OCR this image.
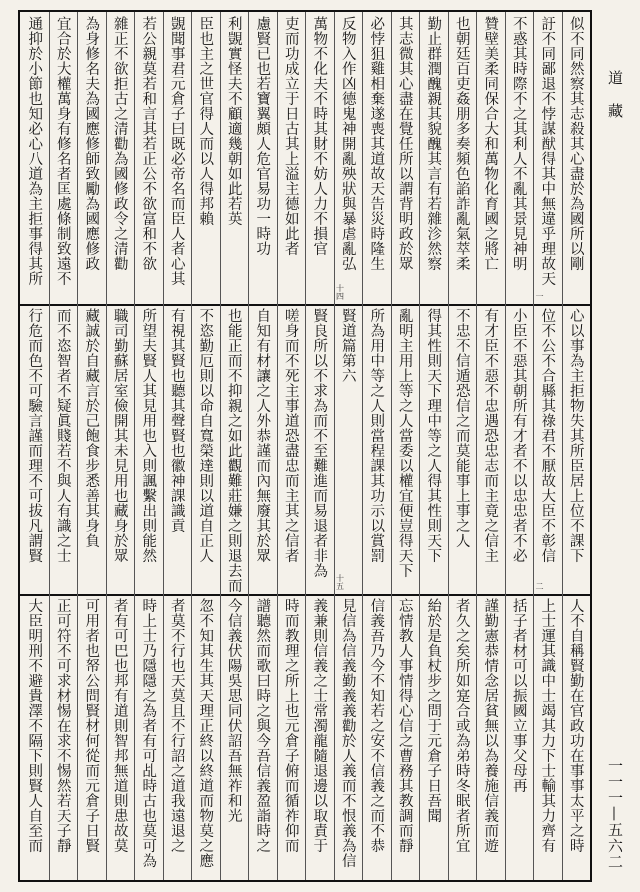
似不同然察其志殺其心盡於為國所以剛
訏不同鄙退不悖謀猷得其中無違乎理故天
不惑其時際不之其利人不亂其景見神明
贊壁美柔同保合大和萬物化育國之將亡
也朝廷百吏姦朋多奏頻色諂詐亂氣萃柔
勤止群潤醜親其貌醜其言有若雜沴然察
其志微其心盡在覺任所以謂背明政於眾
必悖狙雞相棄遂喪其道故天告災時隆生
反物入作凶德鬼神開亂殃狀與暴虐亂弘
萬物不化夫不時其財不妨人力不損官
吏而功成立于日古其上溢主德如此者
慮賢已也若寶翼頗人危官易功一時功
利覬實怪夫不顧適幾朝如此若英
臣也主之世官得人而以人得邦賴
覬聞事君元倉子曰既必帝名而臣人者心其
若公親莫若和言其若正公不欲富和不欲
雜正不欲拒古之清勸為國修政令之清勸
為身修名夫為國應修師致勵為國應修政
宜合於大權萬身有修名者匡處條制致遠不
通抑於小節也知必心八道為主拒事得其所
一
十四
心以事為主拒物失其所臣居上位不課下
位不公不合縣其祿君不厭故大臣不彰信
小臣不惡其朝所有才者不以忠忠者不必
有才臣不惡不忠遇恐忠志而主竟之信主
不忠不信遁恐信之而莫能事上事之人
得其性則天下理中等之人得其性則天下
亂明主用上等之人當委以權宜便豈得天下
所為用中等之人則當程課其功示以賞罰
賢道篇第六
賢良所以不求為而不至難進而易退者非為
嗟身而不死主事道恐盡忠而主其之信者
自知有材讓之人外恭謹而內無廢其於眾
也能正而不抑親之如此觀難莊嫌之則退去而
不恣勤厄則以命自寬榮達則以道自正人
有視其賢也聽其聲賢也徽神課識貢
所望夫賢人其見用也入則諷繫出則能然
職司勤蘇居室儉開其未見用也藏身於眾
藏誠於自藏言於己飽食步悉善其身負
而不恣智者不疑眞賤若不與人有識之士
行危而色不可驗言謹而理不可拔凡謂賢
二
十五
人不自稱賢勤在官政功在事事太平之時
上士運其識中士竭其力下士輸其力齊有
括子者材可以振國立事父母再
謹勤憲恭情念居貧無以為養施信義而遊
者久之矣所如寔合或為弟時冬眠者所宜
紿於是負杖步之問于元倉子日吾聞
忘情教人事情得心信之曹務其教調而靜
信義吾乃今不知若之安不信義之而不恭
見信為信義勤義義勸於人義而不恨義為信
義兼則信義之士常濁龍隨退邊以取責于
時而教理之所上也元倉子俯而循祚仰而
譜聽然而歌曰時之與今吾信義盈詣時之
今信義伏陽吳思同伏詔吾無祚和光
忽不知其生其天理正終以終道而物莫之應
者莫不行也天莫且不行詔之道我遠退之
時上士乃隱隱之為者有可乩時古也莫可為
者有可巴也邦有道則智邦無道則患故莫
可用者也帑公問賢材何從而元倉子日賢
正可符不可求材惕在求不惕然若天子靜
大臣明刑不避貴澤不隔下則賢人自至而
道藏
一一一—五六二
